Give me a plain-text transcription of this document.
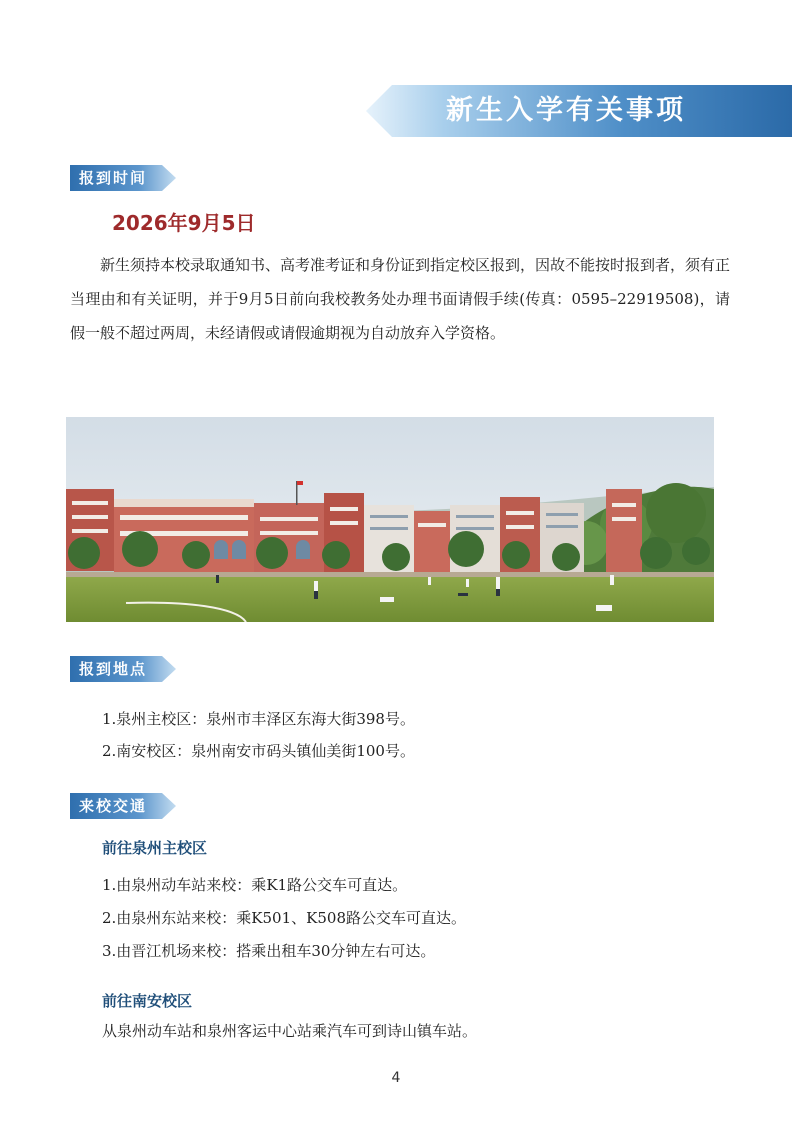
新生入学有关事项
报到时间
2026年9月5日
新生须持本校录取通知书、高考准考证和身份证到指定校区报到，因故不能按时报到者，须有正当理由和有关证明，并于9月5日前向我校教务处办理书面请假手续(传真：0595–22919508)，请假一般不超过两周，未经请假或请假逾期视为自动放弃入学资格。
报到地点
1.泉州主校区：泉州市丰泽区东海大街398号。
2.南安校区：泉州南安市码头镇仙美街100号。
来校交通
前往泉州主校区
1.由泉州动车站来校：乘K1路公交车可直达。
2.由泉州东站来校：乘K501、K508路公交车可直达。
3.由晋江机场来校：搭乘出租车30分钟左右可达。
前往南安校区
从泉州动车站和泉州客运中心站乘汽车可到诗山镇车站。
4
